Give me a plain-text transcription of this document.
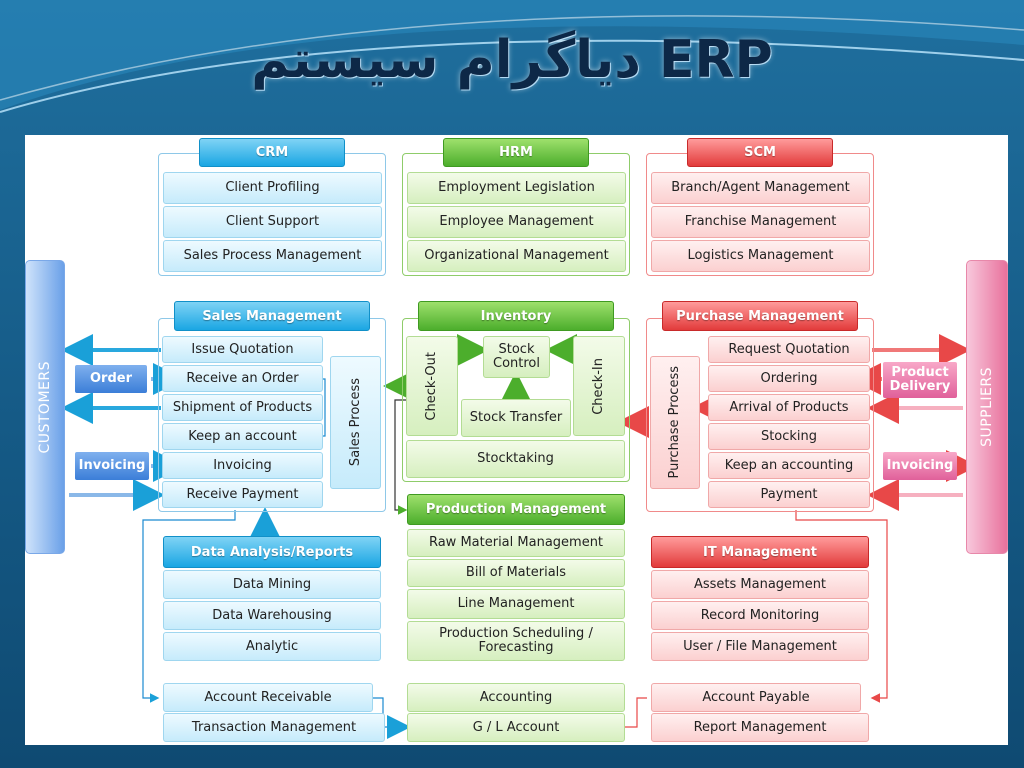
ERP دیاگرام سیستم
CUSTOMERS	SUPPLIERS
CRM
Client Profiling
Client Support
Sales Process Management
HRM
Employment Legislation
Employee Management
Organizational Management
SCM
Branch/Agent Management
Franchise Management
Logistics Management
Sales Management
Issue Quotation
Receive an Order
Shipment of Products
Keep an account
Invoicing
Receive Payment
Sales Process
Inventory
Check-Out
Stock Control
Stock Transfer
Check-In
Stocktaking
Purchase Management
Purchase Process
Request Quotation
Ordering
Arrival of Products
Stocking
Keep an accounting
Payment
Order
Invoicing
Product Delivery
Invoicing
Data Analysis/Reports
Data Mining
Data Warehousing
Analytic
Production Management
Raw Material Management
Bill of Materials
Line Management
Production Scheduling / Forecasting
IT Management
Assets Management
Record Monitoring
User / File Management
Account Receivable
Transaction Management
Accounting
G / L Account
Account Payable
Report Management
